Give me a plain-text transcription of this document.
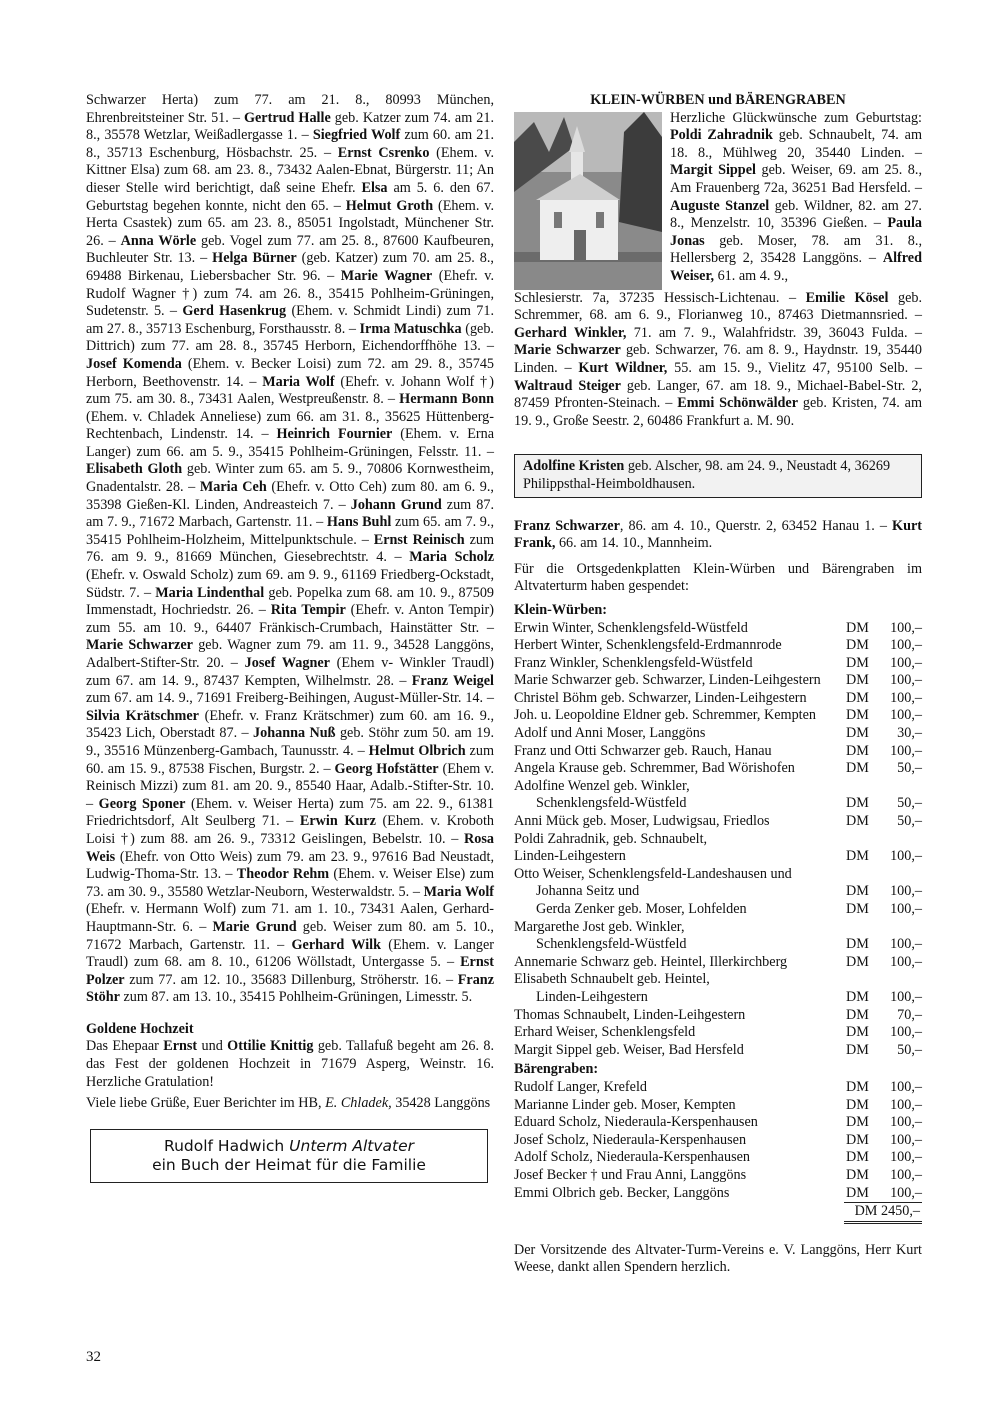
Schwarzer Herta) zum 77. am 21. 8., 80993 München, Ehrenbreitsteiner Str. 51. – Gertrud Halle geb. Katzer zum 74. am 21. 8., 35578 Wetzlar, Weißadlergasse 1. – Siegfried Wolf zum 60. am 21. 8., 35713 Eschenburg, Hösbachstr. 25. – Ernst Csrenko (Ehem. v. Kittner Elsa) zum 68. am 23. 8., 73432 Aalen-Ebnat, Bürgerstr. 11; An dieser Stelle wird berichtigt, daß seine Ehefr. Elsa am 5. 6. den 67. Geburtstag begehen konnte, nicht den 65. – Helmut Groth (Ehem. v. Herta Csastek) zum 65. am 23. 8., 85051 Ingolstadt, Münchener Str. 26. – Anna Wörle geb. Vogel zum 77. am 25. 8., 87600 Kaufbeuren, Buchleuter Str. 13. – Helga Bürner (geb. Katzer) zum 70. am 25. 8., 69488 Birkenau, Liebersbacher Str. 96. – Marie Wagner (Ehefr. v. Rudolf Wagner †) zum 74. am 26. 8., 35415 Pohlheim-Grüningen, Sudetenstr. 5. – Gerd Hasenkrug (Ehem. v. Schmidt Lindi) zum 71. am 27. 8., 35713 Eschenburg, Forsthausstr. 8. – Irma Matuschka (geb. Dittrich) zum 77. am 28. 8., 35745 Herborn, Eichendorffhöhe 13. – Josef Komenda (Ehem. v. Becker Loisi) zum 72. am 29. 8., 35745 Herborn, Beethovenstr. 14. – Maria Wolf (Ehefr. v. Johann Wolf †) zum 75. am 30. 8., 73431 Aalen, Westpreußenstr. 8. – Hermann Bonn (Ehem. v. Chladek Anneliese) zum 66. am 31. 8., 35625 Hüttenberg-Rechtenbach, Lindenstr. 14. – Heinrich Fournier (Ehem. v. Erna Langer) zum 66. am 5. 9., 35415 Pohlheim-Grüningen, Felsstr. 11. – Elisabeth Gloth geb. Winter zum 65. am 5. 9., 70806 Kornwestheim, Gnadentalstr. 28. – Maria Ceh (Ehefr. v. Otto Ceh) zum 80. am 6. 9., 35398 Gießen-Kl. Linden, Andreasteich 7. – Johann Grund zum 87. am 7. 9., 71672 Marbach, Gartenstr. 11. – Hans Buhl zum 65. am 7. 9., 35415 Pohlheim-Holzheim, Mittelpunktschule. – Ernst Reinisch zum 76. am 9. 9., 81669 München, Giesebrechtstr. 4. – Maria Scholz (Ehefr. v. Oswald Scholz) zum 69. am 9. 9., 61169 Friedberg-Ockstadt, Südstr. 7. – Maria Lindenthal geb. Popelka zum 68. am 10. 9., 87509 Immenstadt, Hochriedstr. 26. – Rita Tempir (Ehefr. v. Anton Tempir) zum 55. am 10. 9., 64407 Fränkisch-Crumbach, Hainstätter Str. – Marie Schwarzer geb. Wagner zum 79. am 11. 9., 34528 Langgöns, Adalbert-Stifter-Str. 20. – Josef Wagner (Ehem v- Winkler Traudl) zum 67. am 14. 9., 87437 Kempten, Wilhelmstr. 28. – Franz Weigel zum 67. am 14. 9., 71691 Freiberg-Beihingen, August-Müller-Str. 14. – Silvia Krätschmer (Ehefr. v. Franz Krätschmer) zum 60. am 16. 9., 35423 Lich, Oberstadt 87. – Johanna Nuß geb. Stöhr zum 50. am 19. 9., 35516 Münzenberg-Gambach, Taunusstr. 4. – Helmut Olbrich zum 60. am 15. 9., 87538 Fischen, Burgstr. 2. – Georg Hofstätter (Ehem v. Reinisch Mizzi) zum 81. am 20. 9., 85540 Haar, Adalb.-Stifter-Str. 10. – Georg Sponer (Ehem. v. Weiser Herta) zum 75. am 22. 9., 61381 Friedrichtsdorf, Alt Seulberg 71. – Erwin Kurz (Ehem. v. Kroboth Loisi †) zum 88. am 26. 9., 73312 Geislingen, Bebelstr. 10. – Rosa Weis (Ehefr. von Otto Weis) zum 79. am 23. 9., 97616 Bad Neustadt, Ludwig-Thoma-Str. 13. – Theodor Rehm (Ehem. v. Weiser Else) zum 73. am 30. 9., 35580 Wetzlar-Neuborn, Westerwaldstr. 5. – Maria Wolf (Ehefr. v. Hermann Wolf) zum 71. am 1. 10., 73431 Aalen, Gerhard-Hauptmann-Str. 6. – Marie Grund geb. Weiser zum 80. am 5. 10., 71672 Marbach, Gartenstr. 11. – Gerhard Wilk (Ehem. v. Langer Traudl) zum 68. am 8. 10., 61206 Wöllstadt, Untergasse 5. – Ernst Polzer zum 77. am 12. 10., 35683 Dillenburg, Ströherstr. 16. – Franz Stöhr zum 87. am 13. 10., 35415 Pohlheim-Grüningen, Limesstr. 5.

Goldene Hochzeit

Das Ehepaar Ernst und Ottilie Knittig geb. Tallafuß begeht am 26. 8. das Fest der goldenen Hochzeit in 71679 Asperg, Weinstr. 16. Herzliche Gratulation!

Viele liebe Grüße, Euer Berichter im HB, E. Chladek, 35428 Langgöns

Rudolf Hadwich Unterm Altvater
ein Buch der Heimat für die Familie

KLEIN-WÜRBEN und BÄRENGRABEN

Herzliche Glückwünsche zum Geburtstag: Poldi Zahradnik geb. Schnaubelt, 74. am 18. 8., Mühlweg 20, 35440 Linden. – Margit Sippel geb. Weiser, 69. am 25. 8., Am Frauenberg 72a, 36251 Bad Hersfeld. – Auguste Stanzel geb. Wildner, 82. am 27. 8., Menzelstr. 10, 35396 Gießen. – Paula Jonas geb. Moser, 78. am 31. 8., Hellersberg 2, 35428 Langgöns. – Alfred Weiser, 61. am 4. 9.,

Schlesierstr. 7a, 37235 Hessisch-Lichtenau. – Emilie Kösel geb. Schremmer, 68. am 6. 9., Florianweg 10., 87463 Dietmannsried. – Gerhard Winkler, 71. am 7. 9., Walahfridstr. 39, 36043 Fulda. – Marie Schwarzer geb. Schwarzer, 76. am 8. 9., Haydnstr. 19, 35440 Linden. – Kurt Wildner, 55. am 15. 9., Vielitz 47, 95100 Selb. – Waltraud Steiger geb. Langer, 67. am 18. 9., Michael-Babel-Str. 2, 87459 Pfronten-Steinach. – Emmi Schönwälder geb. Kristen, 74. am 19. 9., Große Seestr. 2, 60486 Frankfurt a. M. 90.

Adolfine Kristen geb. Alscher, 98. am 24. 9., Neustadt 4, 36269 Philippsthal-Heimboldhausen.

Franz Schwarzer, 86. am 4. 10., Querstr. 2, 63452 Hanau 1. – Kurt Frank, 66. am 14. 10., Mannheim.

Für die Ortsgedenkplatten Klein-Würben und Bärengraben im Altvaterturm haben gespendet:

Klein-Würben:

Erwin Winter, Schenklengsfeld-Wüstfeld	DM 100,–
Herbert Winter, Schenklengsfeld-Erdmannrode	DM 100,–
Franz Winkler, Schenklengsfeld-Wüstfeld	DM 100,–
Marie Schwarzer geb. Schwarzer, Linden-Leihgestern	DM 100,–
Christel Böhm geb. Schwarzer, Linden-Leihgestern	DM 100,–
Joh. u. Leopoldine Eldner geb. Schremmer, Kempten	DM 100,–
Adolf und Anni Moser, Langgöns	DM 30,–
Franz und Otti Schwarzer geb. Rauch, Hanau	DM 100,–
Angela Krause geb. Schremmer, Bad Wörishofen	DM 50,–
Adolfine Wenzel geb. Winkler,
Schenklengsfeld-Wüstfeld	DM 50,–
Anni Mück geb. Moser, Ludwigsau, Friedlos	DM 50,–
Poldi Zahradnik, geb. Schnaubelt,
Linden-Leihgestern	DM 100,–
Otto Weiser, Schenklengsfeld-Landeshausen und
Johanna Seitz und	DM 100,–
Gerda Zenker geb. Moser, Lohfelden	DM 100,–
Margarethe Jost geb. Winkler,
Schenklengsfeld-Wüstfeld	DM 100,–
Annemarie Schwarz geb. Heintel, Illerkirchberg	DM 100,–
Elisabeth Schnaubelt geb. Heintel,
Linden-Leihgestern	DM 100,–
Thomas Schnaubelt, Linden-Leihgestern	DM 70,–
Erhard Weiser, Schenklengsfeld	DM 100,–
Margit Sippel geb. Weiser, Bad Hersfeld	DM 50,–

Bärengraben:

Rudolf Langer, Krefeld	DM 100,–
Marianne Linder geb. Moser, Kempten	DM 100,–
Eduard Scholz, Niederaula-Kerspenhausen	DM 100,–
Josef Scholz, Niederaula-Kerspenhausen	DM 100,–
Adolf Scholz, Niederaula-Kerspenhausen	DM 100,–
Josef Becker † und Frau Anni, Langgöns	DM 100,–
Emmi Olbrich geb. Becker, Langgöns	DM 100,–
DM 2450,–

Der Vorsitzende des Altvater-Turm-Vereins e. V. Langgöns, Herr Kurt Weese, dankt allen Spendern herzlich.

32
